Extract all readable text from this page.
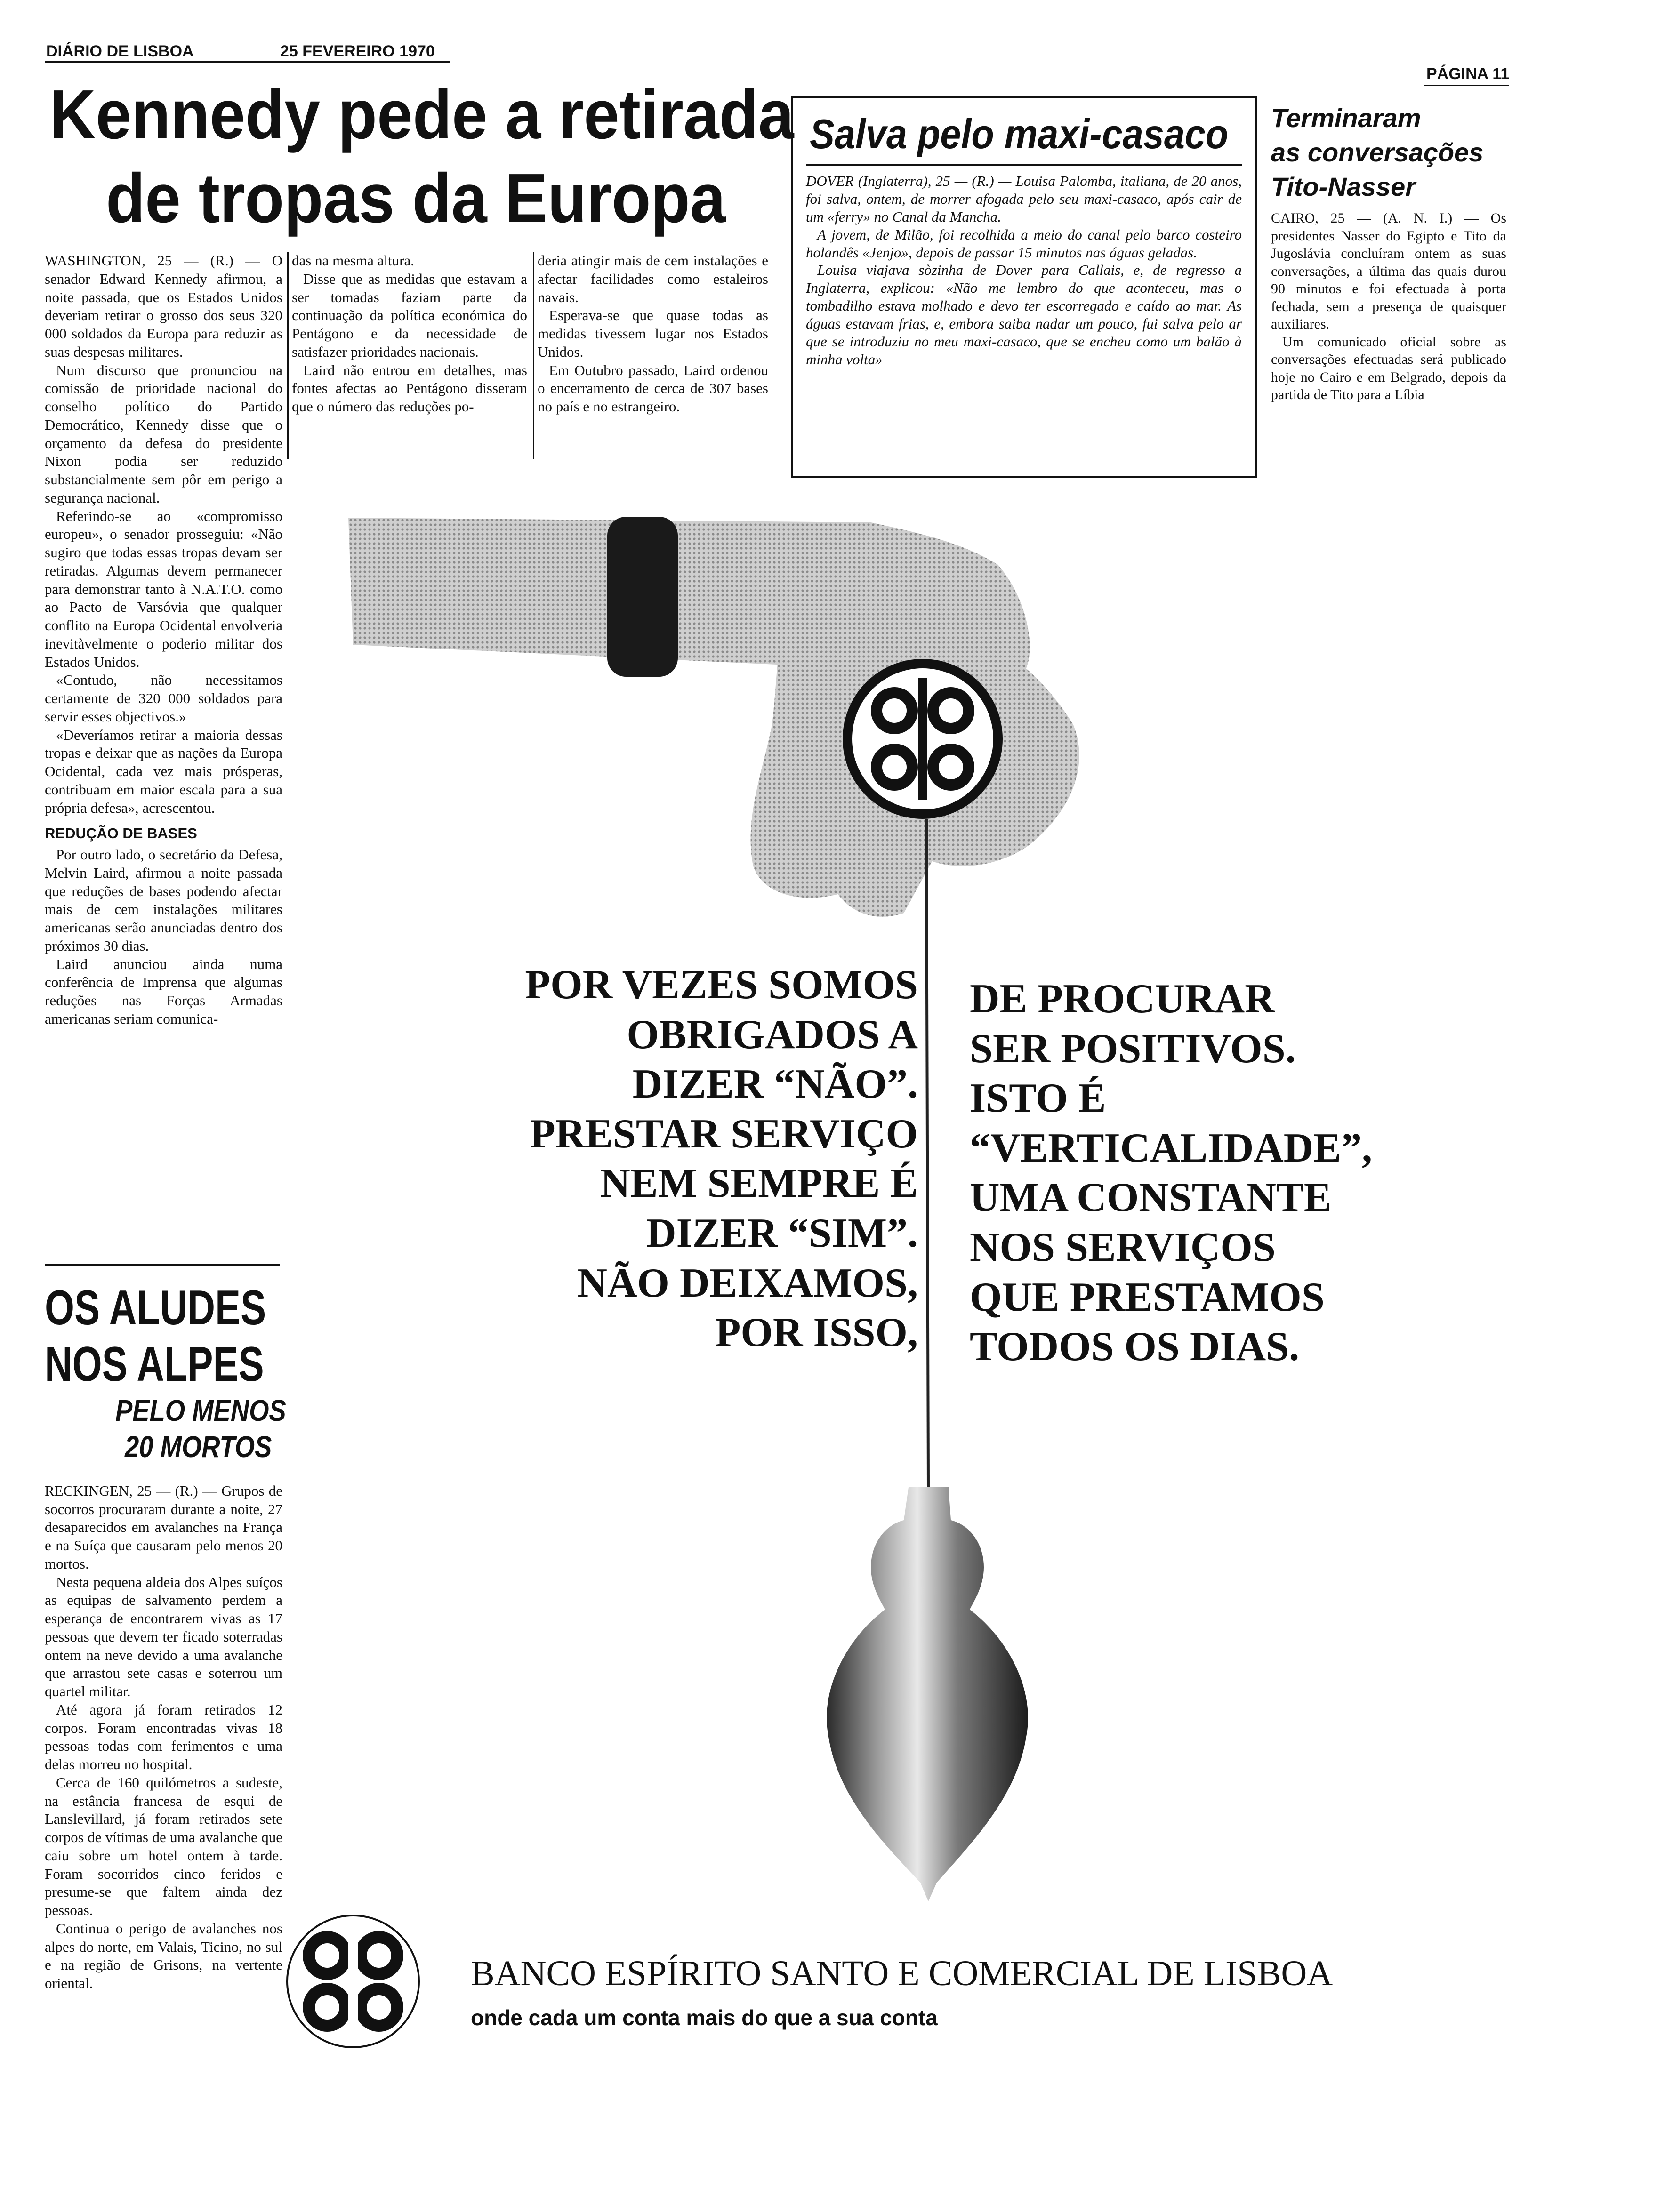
DIÁRIO DE LISBOA	25 FEVEREIRO 1970
PÁGINA 11
Kennedy pede a retirada
de tropas da Europa

WASHINGTON, 25 — (R.) — O senador Edward Kennedy afirmou, a noite passada, que os Estados Unidos deveriam retirar o grosso dos seus 320 000 soldados da Europa para reduzir as suas despesas militares.

Num discurso que pronunciou na comissão de prioridade nacional do conselho político do Partido Democrático, Kennedy disse que o orçamento da defesa do presidente Nixon podia ser reduzido substancialmente sem pôr em perigo a segurança nacional.

Referindo-se ao «compromisso europeu», o senador prosseguiu: «Não sugiro que todas essas tropas devam ser retiradas. Algumas devem permanecer para demonstrar tanto à N.A.T.O. como ao Pacto de Varsóvia que qualquer conflito na Europa Ocidental envolveria inevitàvelmente o poderio militar dos Estados Unidos.

«Contudo, não necessitamos certamente de 320 000 soldados para servir esses objectivos.»

«Deveríamos retirar a maioria dessas tropas e deixar que as nações da Europa Ocidental, cada vez mais prósperas, contribuam em maior escala para a sua própria defesa», acrescentou.

REDUÇÃO DE BASES

Por outro lado, o secretário da Defesa, Melvin Laird, afirmou a noite passada que reduções de bases podendo afectar mais de cem instalações militares americanas serão anunciadas dentro dos próximos 30 dias.

Laird anunciou ainda numa conferência de Imprensa que algumas reduções nas Forças Armadas americanas seriam comunica-

das na mesma altura.

Disse que as medidas que estavam a ser tomadas faziam parte da continuação da política económica do Pentágono e da necessidade de satisfazer prioridades nacionais.

Laird não entrou em detalhes, mas fontes afectas ao Pentágono disseram que o número das reduções po-

deria atingir mais de cem instalações e afectar facilidades como estaleiros navais.

Esperava-se que quase todas as medidas tivessem lugar nos Estados Unidos.

Em Outubro passado, Laird ordenou o encerramento de cerca de 307 bases no país e no estrangeiro.

Salva pelo maxi-casaco

DOVER (Inglaterra), 25 — (R.) — Louisa Palomba, italiana, de 20 anos, foi salva, ontem, de morrer afogada pelo seu maxi-casaco, após cair de um «ferry» no Canal da Mancha.

A jovem, de Milão, foi recolhida a meio do canal pelo barco costeiro holandês «Jenjo», depois de passar 15 minutos nas águas geladas.

Louisa viajava sòzinha de Dover para Callais, e, de regresso a Inglaterra, explicou: «Não me lembro do que aconteceu, mas o tombadilho estava molhado e devo ter escorregado e caído ao mar. As águas estavam frias, e, embora saiba nadar um pouco, fui salva pelo ar que se introduziu no meu maxi-casaco, que se encheu como um balão à minha volta»

Terminaram
as conversações
Tito-Nasser

CAIRO, 25 — (A. N. I.) — Os presidentes Nasser do Egipto e Tito da Jugoslávia concluíram ontem as suas conversações, a última das quais durou 90 minutos e foi efectuada à porta fechada, sem a presença de quaisquer auxiliares.

Um comunicado oficial sobre as conversações efectuadas será publicado hoje no Cairo e em Belgrado, depois da partida de Tito para a Líbia

OS ALUDES
NOS ALPES
PELO MENOS
20 MORTOS

RECKINGEN, 25 — (R.) — Grupos de socorros procuraram durante a noite, 27 desaparecidos em avalanches na França e na Suíça que causaram pelo menos 20 mortos.

Nesta pequena aldeia dos Alpes suíços as equipas de salvamento perdem a esperança de encontrarem vivas as 17 pessoas que devem ter ficado soterradas ontem na neve devido a uma avalanche que arrastou sete casas e soterrou um quartel militar.

Até agora já foram retirados 12 corpos. Foram encontradas vivas 18 pessoas todas com ferimentos e uma delas morreu no hospital.

Cerca de 160 quilómetros a sudeste, na estância francesa de esqui de Lanslevillard, já foram retirados sete corpos de vítimas de uma avalanche que caiu sobre um hotel ontem à tarde. Foram socorridos cinco feridos e presume-se que faltem ainda dez pessoas.

Continua o perigo de avalanches nos alpes do norte, em Valais, Ticino, no sul e na região de Grisons, na vertente oriental.

POR VEZES SOMOS
OBRIGADOS A
DIZER “NÃO”.
PRESTAR SERVIÇO
NEM SEMPRE É
DIZER “SIM”.
NÃO DEIXAMOS,
POR ISSO,
DE PROCURAR
SER POSITIVOS.
ISTO É
“VERTICALIDADE”,
UMA CONSTANTE
NOS SERVIÇOS
QUE PRESTAMOS
TODOS OS DIAS.
BANCO ESPÍRITO SANTO E COMERCIAL DE LISBOA
onde cada um conta mais do que a sua conta
